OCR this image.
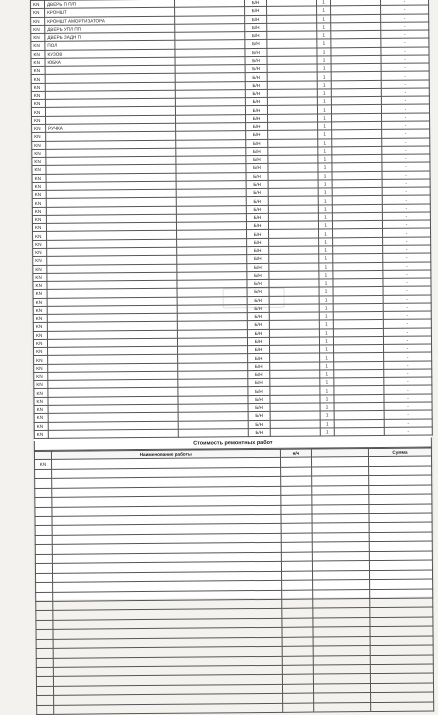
KN	ДВЕРЬ П П/П		Б/Н		1		-
KN	КРОНШТ		Б/Н		1		-
KN	КРОНШТ АМОРТИЗАТОРА		Б/Н		1		-
KN	ДВЕРЬ УПЛ ПП		Б/Н		1		-
KN	ДВЕРЬ ЗАДН П		Б/Н		1		-
KN	ПОЛ		Б/Н		1		-
KN	КУЗОВ		Б/Н		1		-
KN	ЮБКА		Б/Н		1		-
KN			Б/Н		1		-
KN			Б/Н		1		-
KN			Б/Н		1		-
KN			Б/Н		1		-
KN			Б/Н		1		-
KN			Б/Н		1		-
KN			Б/Н		1		-
KN	РУЧКА		Б/Н		1		-
KN			Б/Н		1		-
KN			Б/Н		1		-
KN			Б/Н		1		-
KN			Б/Н		1		-
KN			Б/Н		1		-
KN			Б/Н		1		-
KN			Б/Н		1		-
KN			Б/Н		1		-
KN			Б/Н		1		-
KN			Б/Н		1		-
KN			Б/Н		1		-
KN			Б/Н		1		-
KN			Б/Н		1		-
KN			Б/Н		1		-
KN			Б/Н		1		-
KN			Б/Н		1		-
KN			Б/Н		1		-
KN			Б/Н		1		-
KN			Б/Н		1		-
KN			Б/Н		1		-
KN			Б/Н		1		-
KN			Б/Н		1		-
KN			Б/Н		1		-
KN			Б/Н		1		-
KN			Б/Н		1		-
KN			Б/Н		1		-
KN			Б/Н		1		-
KN			Б/Н		1		-
KN			Б/Н		1		-
KN			Б/Н		1		-
KN			Б/Н		1		-
KN			Б/Н		1		-
KN			Б/Н		1		-
KN			Б/Н		1		-
KN			Б/Н		1		-
KN			Б/Н		1		-
KN			Б/Н		1		-
Стоимость ремонтных работ
	Наименование работы	н/ч		Сумма
KN				
